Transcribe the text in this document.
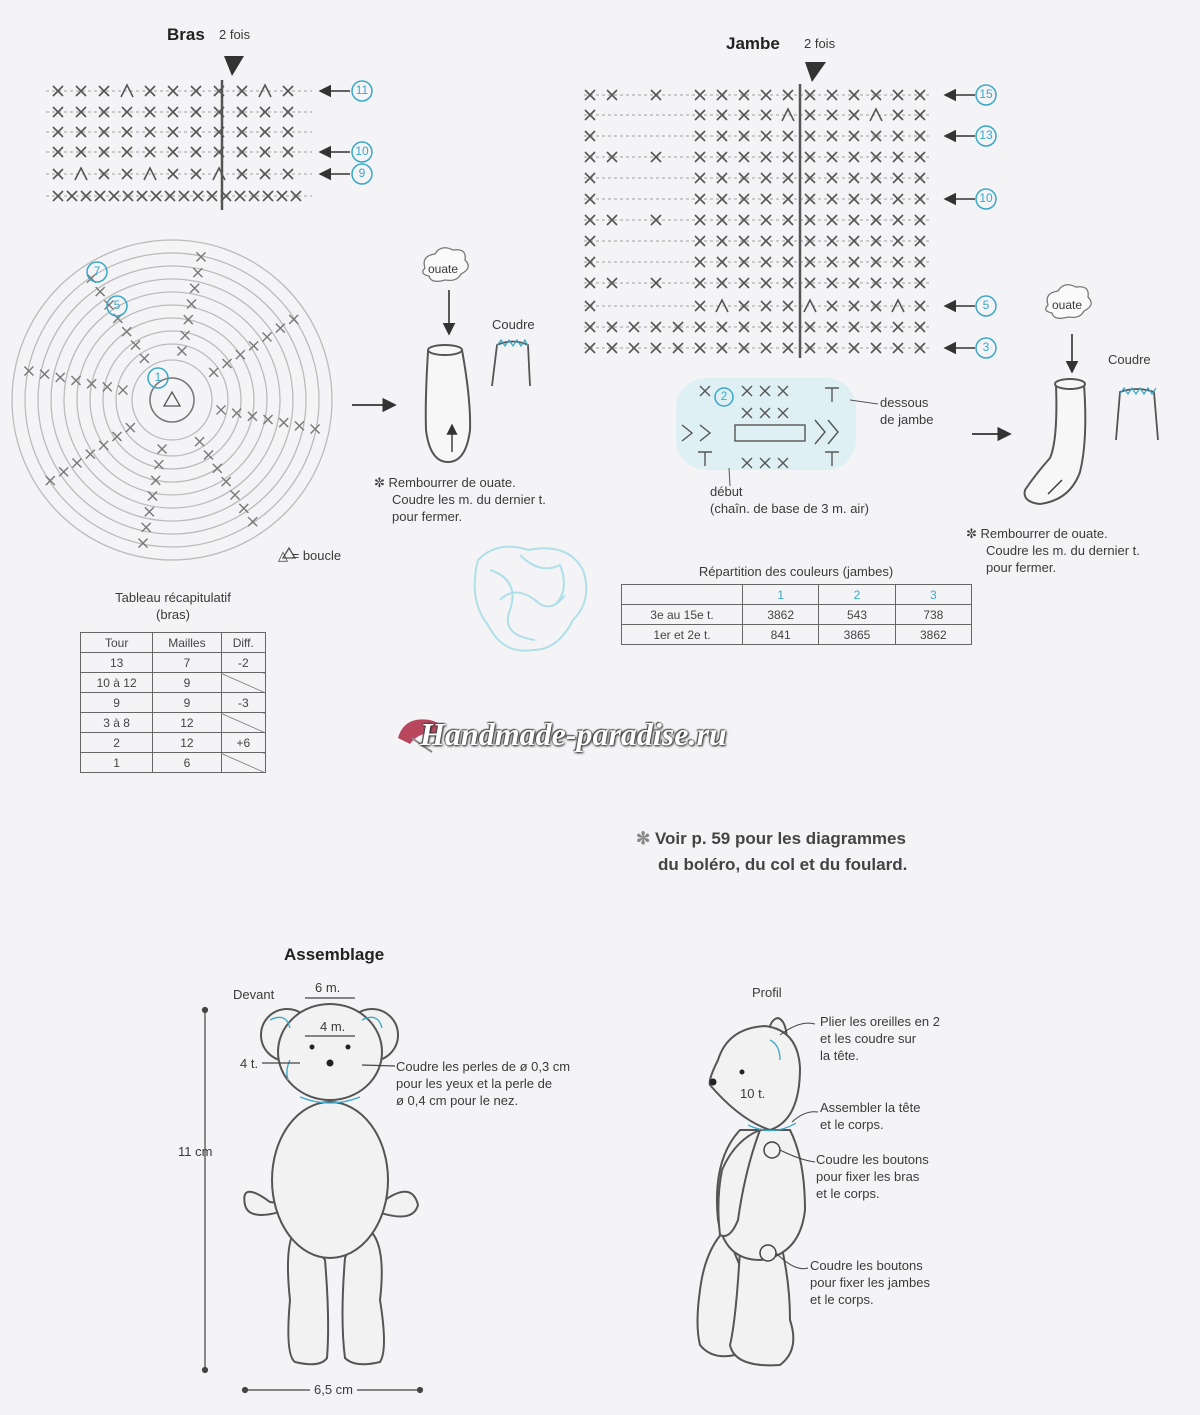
Bras 2 fois
11
10
9
7
5
1
△ = boucle
ouate
Coudre
✼ Rembourrer de ouate.
Coudre les m. du dernier t.
pour fermer.
Tableau récapitulatif
(bras)
Tour	Mailles	Diff.
13	7	-2
10 à 12	9	
9	9	-3
3 à 8	12	
2	12	+6
1	6	
Jambe 2 fois
15
13
10
5
3
2	dessous
de jambe
début
(chaîn. de base de 3 m. air)
ouate
Coudre
✼ Rembourrer de ouate.
Coudre les m. du dernier t.
pour fermer.
Répartition des couleurs (jambes)
	1	2	3
3e au 15e t.	3862	543	738
1er et 2e t.	841	3865	3862
Handmade-paradise.ru
✼ Voir p. 59 pour les diagrammes
du boléro, du col et du foulard.
Assemblage
Devant	6 m.
4 m.
4 t.
11 cm
6,5 cm
Coudre les perles de ø 0,3 cm
pour les yeux et la perle de
ø 0,4 cm pour le nez.
Profil
10 t.
Plier les oreilles en 2
et les coudre sur
la tête.
Assembler la tête
et le corps.
Coudre les boutons
pour fixer les bras
et le corps.
Coudre les boutons
pour fixer les jambes
et le corps.
